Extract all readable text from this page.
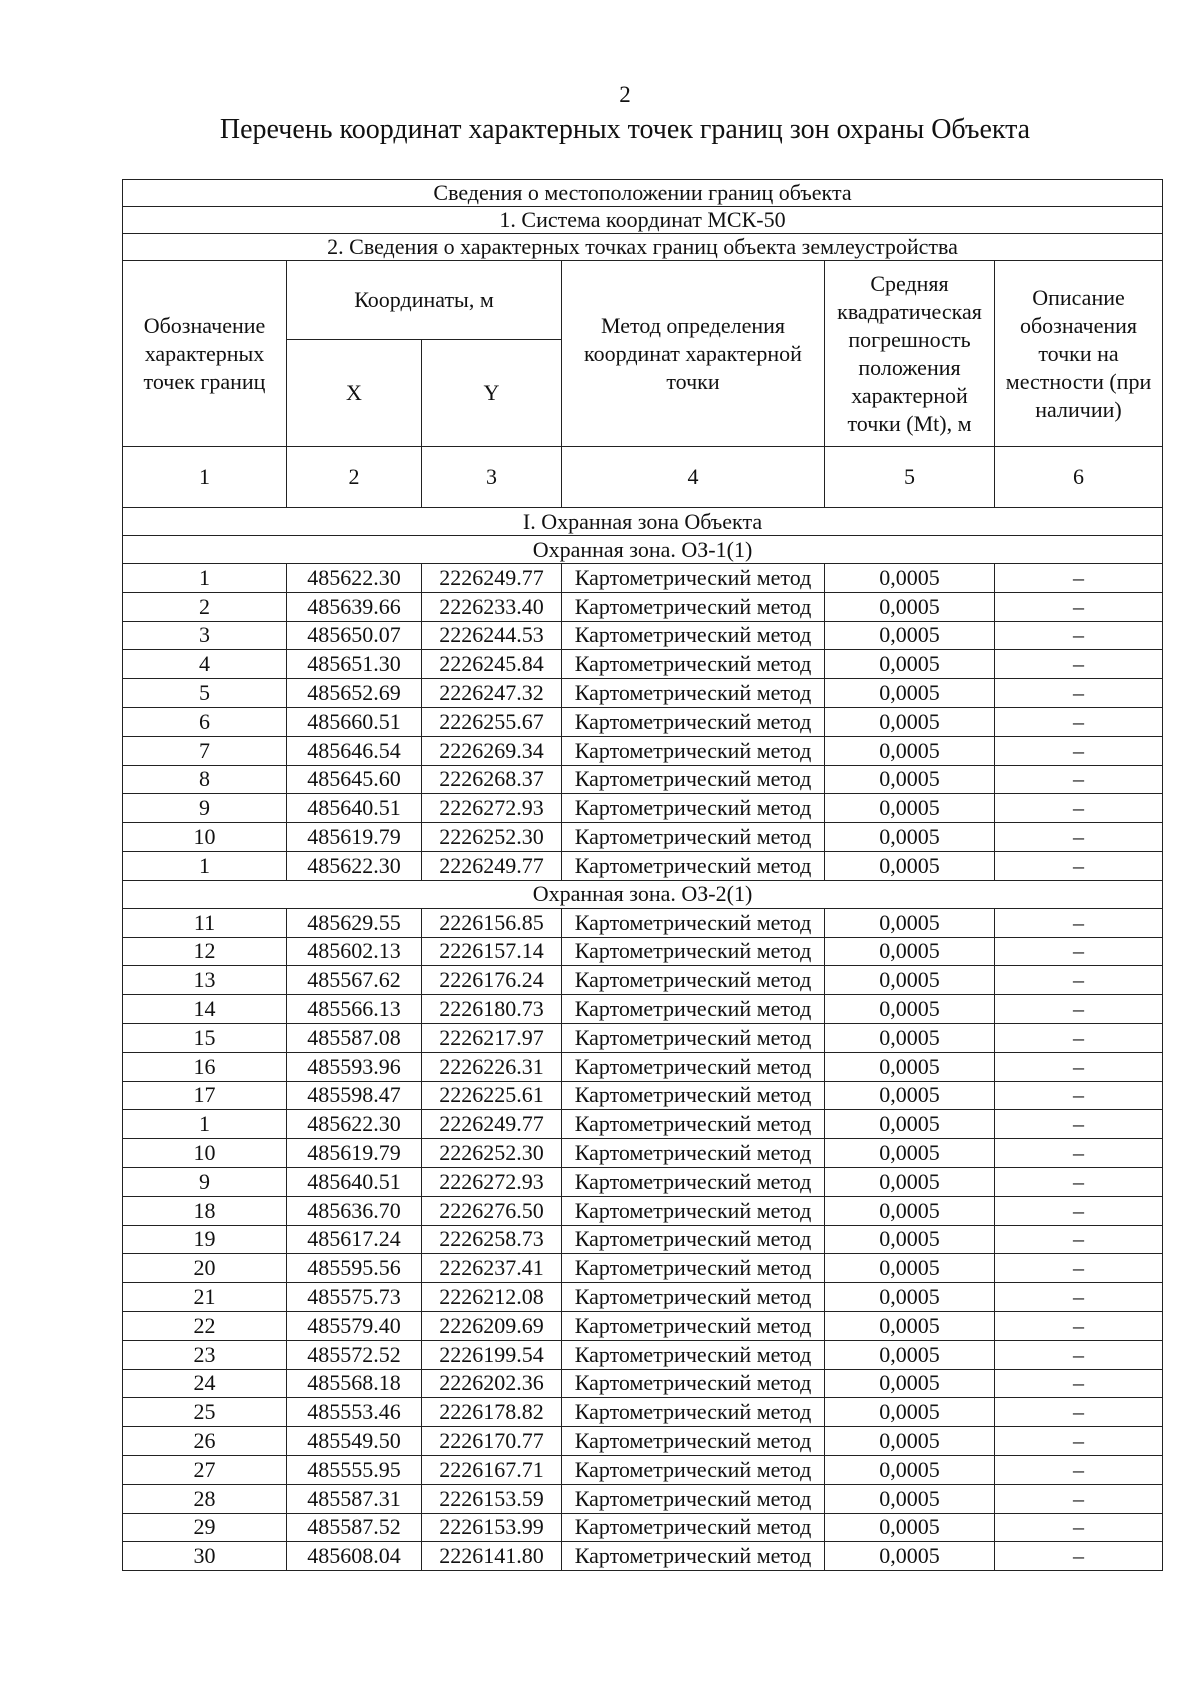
2
Перечень координат характерных точек границ зон охраны Объекта
Сведения о местоположении границ объекта					
1. Система координат МСК-50					
2. Сведения о характерных точках границ объекта землеустройства					
Обозначение характерных точек границ	Координаты, м		Метод определения координат характерной точки	Средняя квадратическая погрешность положения характерной точки (Mt), м	Описание обозначения точки на местности (при наличии)
	X	Y			
1	2	3	4	5	6
I. Охранная зона Объекта					
Охранная зона. ОЗ-1(1)					
1	485622.30	2226249.77	Картометрический метод	0,0005	–
2	485639.66	2226233.40	Картометрический метод	0,0005	–
3	485650.07	2226244.53	Картометрический метод	0,0005	–
4	485651.30	2226245.84	Картометрический метод	0,0005	–
5	485652.69	2226247.32	Картометрический метод	0,0005	–
6	485660.51	2226255.67	Картометрический метод	0,0005	–
7	485646.54	2226269.34	Картометрический метод	0,0005	–
8	485645.60	2226268.37	Картометрический метод	0,0005	–
9	485640.51	2226272.93	Картометрический метод	0,0005	–
10	485619.79	2226252.30	Картометрический метод	0,0005	–
1	485622.30	2226249.77	Картометрический метод	0,0005	–
Охранная зона. ОЗ-2(1)					
11	485629.55	2226156.85	Картометрический метод	0,0005	–
12	485602.13	2226157.14	Картометрический метод	0,0005	–
13	485567.62	2226176.24	Картометрический метод	0,0005	–
14	485566.13	2226180.73	Картометрический метод	0,0005	–
15	485587.08	2226217.97	Картометрический метод	0,0005	–
16	485593.96	2226226.31	Картометрический метод	0,0005	–
17	485598.47	2226225.61	Картометрический метод	0,0005	–
1	485622.30	2226249.77	Картометрический метод	0,0005	–
10	485619.79	2226252.30	Картометрический метод	0,0005	–
9	485640.51	2226272.93	Картометрический метод	0,0005	–
18	485636.70	2226276.50	Картометрический метод	0,0005	–
19	485617.24	2226258.73	Картометрический метод	0,0005	–
20	485595.56	2226237.41	Картометрический метод	0,0005	–
21	485575.73	2226212.08	Картометрический метод	0,0005	–
22	485579.40	2226209.69	Картометрический метод	0,0005	–
23	485572.52	2226199.54	Картометрический метод	0,0005	–
24	485568.18	2226202.36	Картометрический метод	0,0005	–
25	485553.46	2226178.82	Картометрический метод	0,0005	–
26	485549.50	2226170.77	Картометрический метод	0,0005	–
27	485555.95	2226167.71	Картометрический метод	0,0005	–
28	485587.31	2226153.59	Картометрический метод	0,0005	–
29	485587.52	2226153.99	Картометрический метод	0,0005	–
30	485608.04	2226141.80	Картометрический метод	0,0005	–
